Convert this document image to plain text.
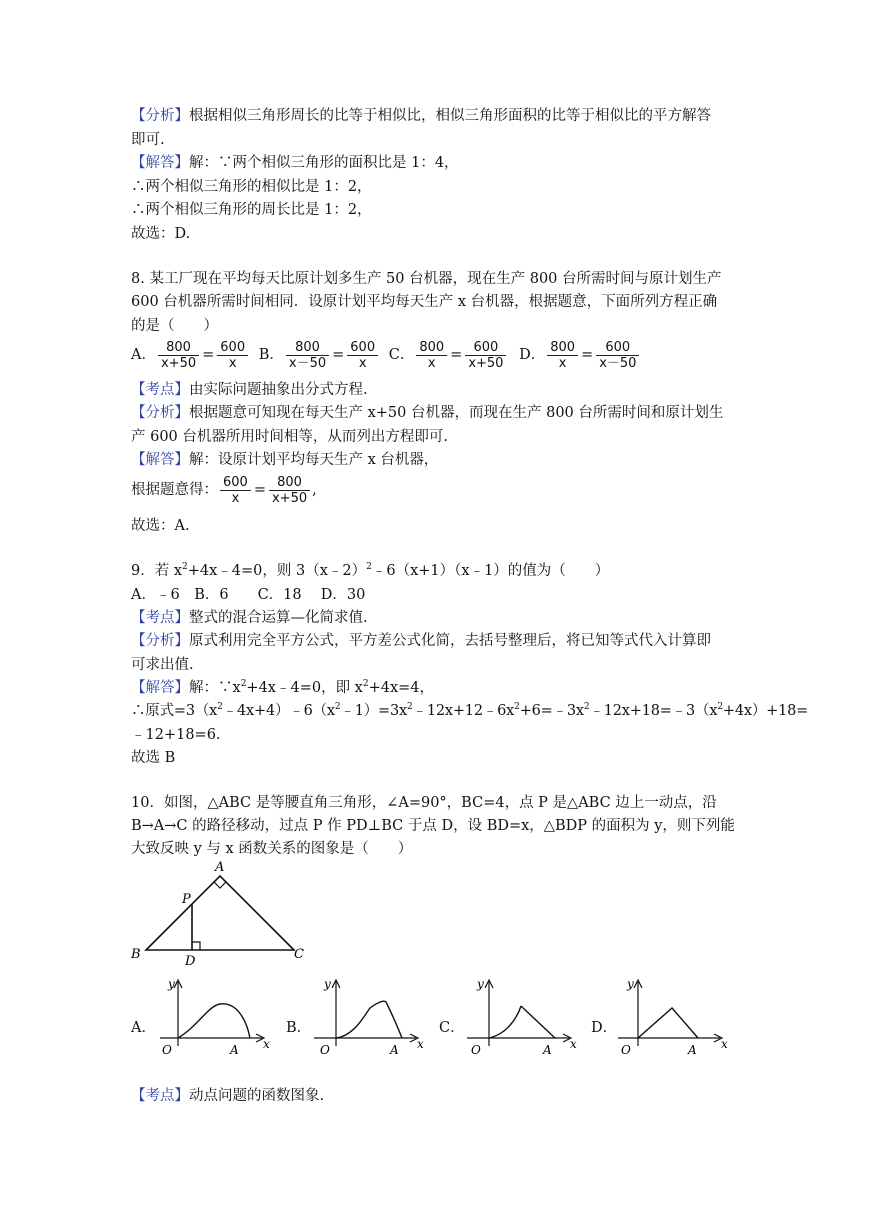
【分析】根据相似三角形周长的比等于相似比，相似三角形面积的比等于相似比的平方解答
即可.
【解答】解：∵两个相似三角形的面积比是 1：4，
∴两个相似三角形的相似比是 1：2，
∴两个相似三角形的周长比是 1：2，
故选：D.
8. 某工厂现在平均每天比原计划多生产 50 台机器，现在生产 800 台所需时间与原计划生产
600 台机器所需时间相同．设原计划平均每天生产 x 台机器，根据题意，下面所列方程正确
的是（　　）
A． $\frac{800}{x+50} = \frac{600}{x}$ B． $\frac{800}{x-50} = \frac{600}{x}$ C． $\frac{800}{x} = \frac{600}{x+50}$ D． $\frac{800}{x} = \frac{600}{x-50}$
【考点】由实际问题抽象出分式方程.
【分析】根据题意可知现在每天生产 x+50 台机器，而现在生产 800 台所需时间和原计划生
产 600 台机器所用时间相等，从而列出方程即可.
【解答】解：设原计划平均每天生产 x 台机器，
根据题意得： $\frac{600}{x} = \frac{800}{x+50}$ ,
故选：A.
9．若 $x^2+4x﹣4=0$，则 3（x﹣2）$^2$﹣6（x+1）（x﹣1）的值为（　　）
A．﹣6　B．6　　C．18　 D．30
【考点】整式的混合运算—化简求值.
【分析】原式利用完全平方公式，平方差公式化简，去括号整理后，将已知等式代入计算即
可求出值.
【解答】解：$\because x^2+4x﹣4=0$，即 $x^2+4x=4$，
∴原式$=3(x^2﹣4x+4)﹣6(x^2﹣1)=3x^2﹣12x+12﹣6x^2+6=﹣3x^2﹣12x+18=﹣3(x^2+4x)+18=$
﹣12+18=6.
故选 B
10．如图，△ABC 是等腰直角三角形，∠A=90°，BC=4，点 P 是△ABC 边上一动点，沿
B→A→C 的路径移动，过点 P 作 PD⊥BC 于点 D，设 BD=x，△BDP 的面积为 y，则下列能
大致反映 y 与 x 函数关系的图象是（　　）
A
B	C
P
D
A．	B．	C．	D．
y
x
O	A
y
x
O	A
y
x
O	A
y
x
O	A
【考点】动点问题的函数图象.
